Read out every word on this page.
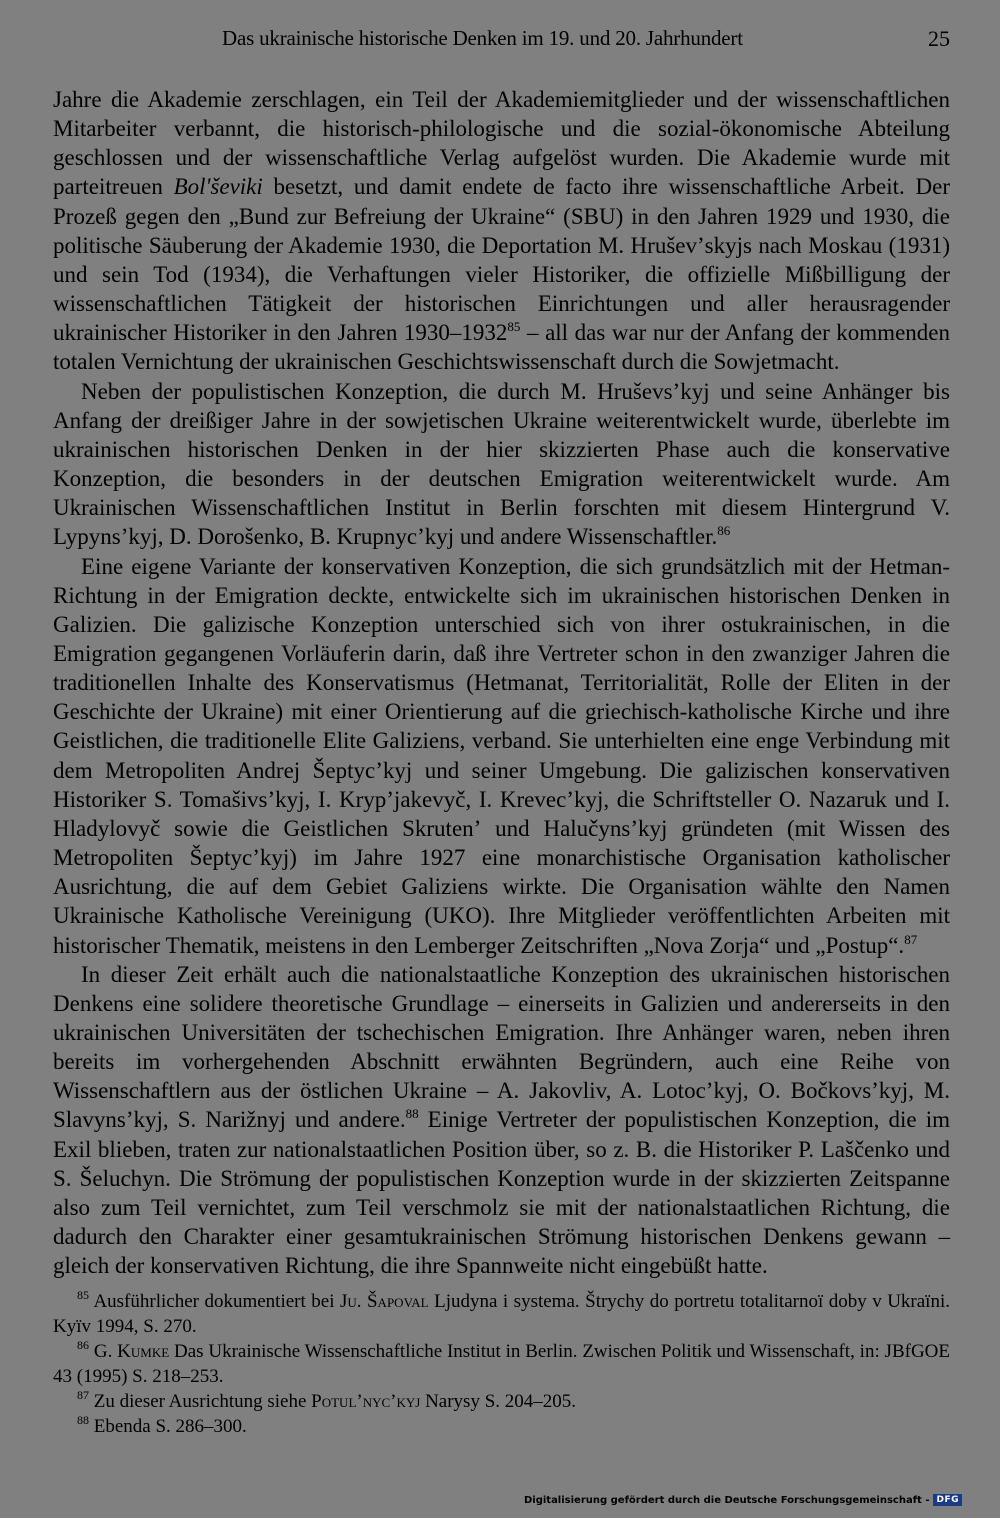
Das ukrainische historische Denken im 19. und 20. Jahrhundert	25

Jahre die Akademie zerschlagen, ein Teil der Akademiemitglieder und der wissenschaftlichen Mitarbeiter verbannt, die historisch-philologische und die sozial-ökonomische Abteilung geschlossen und der wissenschaftliche Verlag aufgelöst wurden. Die Akademie wurde mit parteitreuen Bol'ševiki besetzt, und damit endete de facto ihre wissenschaftliche Arbeit. Der Prozeß gegen den „Bund zur Befreiung der Ukraine“ (SBU) in den Jahren 1929 und 1930, die politische Säuberung der Akademie 1930, die Deportation M. Hruševʼskyjs nach Moskau (1931) und sein Tod (1934), die Verhaftungen vieler Historiker, die offizielle Mißbilligung der wissenschaftlichen Tätigkeit der historischen Einrichtungen und aller herausragender ukrainischer Historiker in den Jahren 1930–1932$^{85}$ – all das war nur der Anfang der kommenden totalen Vernichtung der ukrainischen Geschichtswissenschaft durch die Sowjetmacht.

Neben der populistischen Konzeption, die durch M. Hruševsʼkyj und seine Anhänger bis Anfang der dreißiger Jahre in der sowjetischen Ukraine weiterentwickelt wurde, überlebte im ukrainischen historischen Denken in der hier skizzierten Phase auch die konservative Konzeption, die besonders in der deutschen Emigration weiterentwickelt wurde. Am Ukrainischen Wissenschaftlichen Institut in Berlin forschten mit diesem Hintergrund V. Lypynsʼkyj, D. Dorošenko, B. Krupnycʼkyj und andere Wissenschaftler.$^{86}$

Eine eigene Variante der konservativen Konzeption, die sich grundsätzlich mit der Hetman-Richtung in der Emigration deckte, entwickelte sich im ukrainischen historischen Denken in Galizien. Die galizische Konzeption unterschied sich von ihrer ostukrainischen, in die Emigration gegangenen Vorläuferin darin, daß ihre Vertreter schon in den zwanziger Jahren die traditionellen Inhalte des Konservatismus (Hetmanat, Territorialität, Rolle der Eliten in der Geschichte der Ukraine) mit einer Orientierung auf die griechisch-katholische Kirche und ihre Geistlichen, die traditionelle Elite Galiziens, verband. Sie unterhielten eine enge Verbindung mit dem Metropoliten Andrej Šeptycʼkyj und seiner Umgebung. Die galizischen konservativen Historiker S. Tomašivsʼkyj, I. Krypʼjakevyč, I. Krevecʼkyj, die Schriftsteller O. Nazaruk und I. Hladylovyč sowie die Geistlichen Skrutenʼ und Halučynsʼkyj gründeten (mit Wissen des Metropoliten Šeptycʼkyj) im Jahre 1927 eine monarchistische Organisation katholischer Ausrichtung, die auf dem Gebiet Galiziens wirkte. Die Organisation wählte den Namen Ukrainische Katholische Vereinigung (UKO). Ihre Mitglieder veröffentlichten Arbeiten mit historischer Thematik, meistens in den Lemberger Zeitschriften „Nova Zorja“ und „Postup“.$^{87}$

In dieser Zeit erhält auch die nationalstaatliche Konzeption des ukrainischen historischen Denkens eine solidere theoretische Grundlage – einerseits in Galizien und andererseits in den ukrainischen Universitäten der tschechischen Emigration. Ihre Anhänger waren, neben ihren bereits im vorhergehenden Abschnitt erwähnten Begründern, auch eine Reihe von Wissenschaftlern aus der östlichen Ukraine – A. Jakovliv, A. Lotocʼkyj, O. Bočkovsʼkyj, M. Slavynsʼkyj, S. Narižnyj und andere.$^{88}$ Einige Vertreter der populistischen Konzeption, die im Exil blieben, traten zur nationalstaatlichen Position über, so z. B. die Historiker P. Laščenko und S. Šeluchyn. Die Strömung der populistischen Konzeption wurde in der skizzierten Zeitspanne also zum Teil vernichtet, zum Teil verschmolz sie mit der nationalstaatlichen Richtung, die dadurch den Charakter einer gesamtukrainischen Strömung historischen Denkens gewann – gleich der konservativen Richtung, die ihre Spannweite nicht eingebüßt hatte.

$^{85}$ Ausführlicher dokumentiert bei Ju. Šapoval Ljudyna i systema. Štrychy do portretu totalitarnoï doby v Ukraïni. Kyïv 1994, S. 270.

$^{86}$ G. Kumke Das Ukrainische Wissenschaftliche Institut in Berlin. Zwischen Politik und Wissenschaft, in: JBfGOE 43 (1995) S. 218–253.

$^{87}$ Zu dieser Ausrichtung siehe Potulʼnycʼkyj Narysy S. 204–205.

$^{88}$ Ebenda S. 286–300.

Digitalisierung gefördert durch die Deutsche Forschungsgemeinschaft - DFG
